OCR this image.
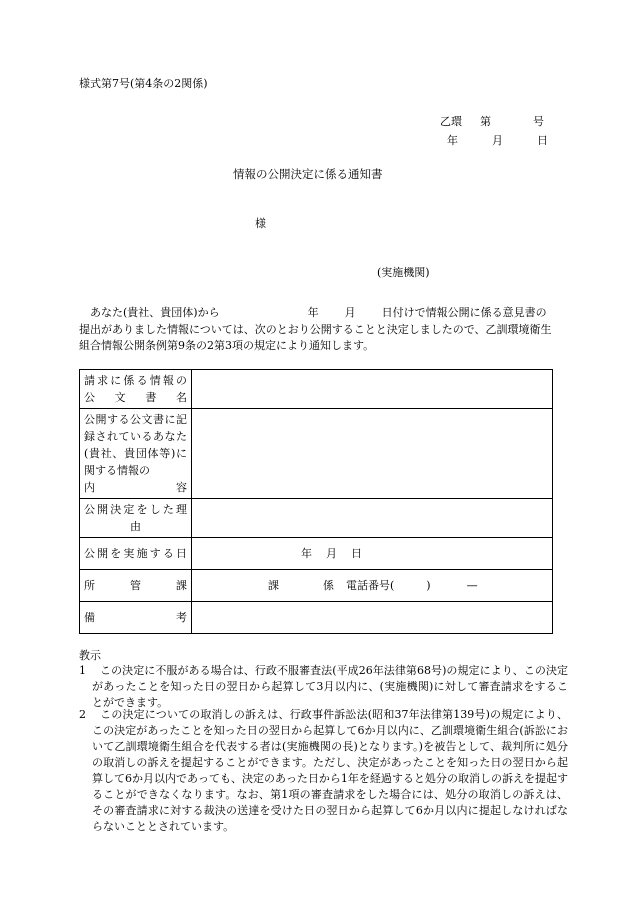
様式第7号(第4条の2関係)
乙環 第	号
年	月	日
情報の公開決定に係る通知書
様
(実施機関)
あなた(貴社、貴団体)から	年 月 日付けで情報公開に係る意見書の提出がありました情報については、次のとおり公開することと決定しましたので、乙訓環境衛生組合情報公開条例第9条の2第3項の規定により通知します。
請求に係る情報の
公文書名	

公開する公文書に記録されているあなた(貴社、貴団体等)に関する情報の
内容	

公開決定をした理
由	

公開を実施する日	年 月 日
所管課	課 係 電話番号( ) —
備考	
教示
1 この決定に不服がある場合は、行政不服審査法(平成26年法律第68号)の規定により、この決定があったことを知った日の翌日から起算して3月以内に、(実施機関)に対して審査請求をすることができます。
2 この決定についての取消しの訴えは、行政事件訴訟法(昭和37年法律第139号)の規定により、この決定があったことを知った日の翌日から起算して6か月以内に、乙訓環境衛生組合(訴訟において乙訓環境衛生組合を代表する者は(実施機関の長)となります。)を被告として、裁判所に処分の取消しの訴えを提起することができます。ただし、決定があったことを知った日の翌日から起算して6か月以内であっても、決定のあった日から1年を経過すると処分の取消しの訴えを提起することができなくなります。なお、第1項の審査請求をした場合には、処分の取消しの訴えは、その審査請求に対する裁決の送達を受けた日の翌日から起算して6か月以内に提起しなければならないこととされています。
